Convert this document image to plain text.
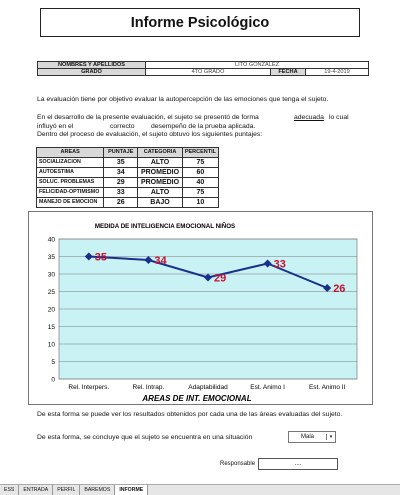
Informe Psicológico
NOMBRES Y APELLIDOS	LITO GONZALEZ		
GRADO	4TO GRADO	FECHA	19-4-2019
La evaluación tiene por objetivo evaluar la autopercepción de las emociones que tenga el sujeto.
En el desarrollo de la presente evaluación, el sujeto se presentó de forma	adecuada lo cual
influyó en el	correcto desempeño de la prueba aplicada.
Dentro del proceso de evaluación, el sujeto obtuvo los siguientes puntajes:
AREAS	PUNTAJE	CATEGORIA	PERCENTIL
SOCIALIZACION	35	ALTO	75
AUTOESTIMA	34	PROMEDIO	60
SOLUC. PROBLEMAS	29	PROMEDIO	40
FELICIDAD-OPTIMISMO	33	ALTO	75
MANEJO DE EMOCION	26	BAJO	10
MEDIDA DE INTELIGENCIA EMOCIONAL NIÑOS
0
5
10
15
20
25
30
35
40
Rel. Interpers.	Rel. Intrap.	Adaptabilidad	Est. Animo I	Est. Animo II
35	34
29
33
26
AREAS DE INT. EMOCIONAL
De esta forma se puede ver los resultados obtenidos por cada una de las áreas evaluadas del sujeto.
De esta forma, se concluye que el sujeto se encuentra en una situación	Mala	▾
Responsable	....
ESS	ENTRADA	PERFIL	BAREMOS	INFORME
